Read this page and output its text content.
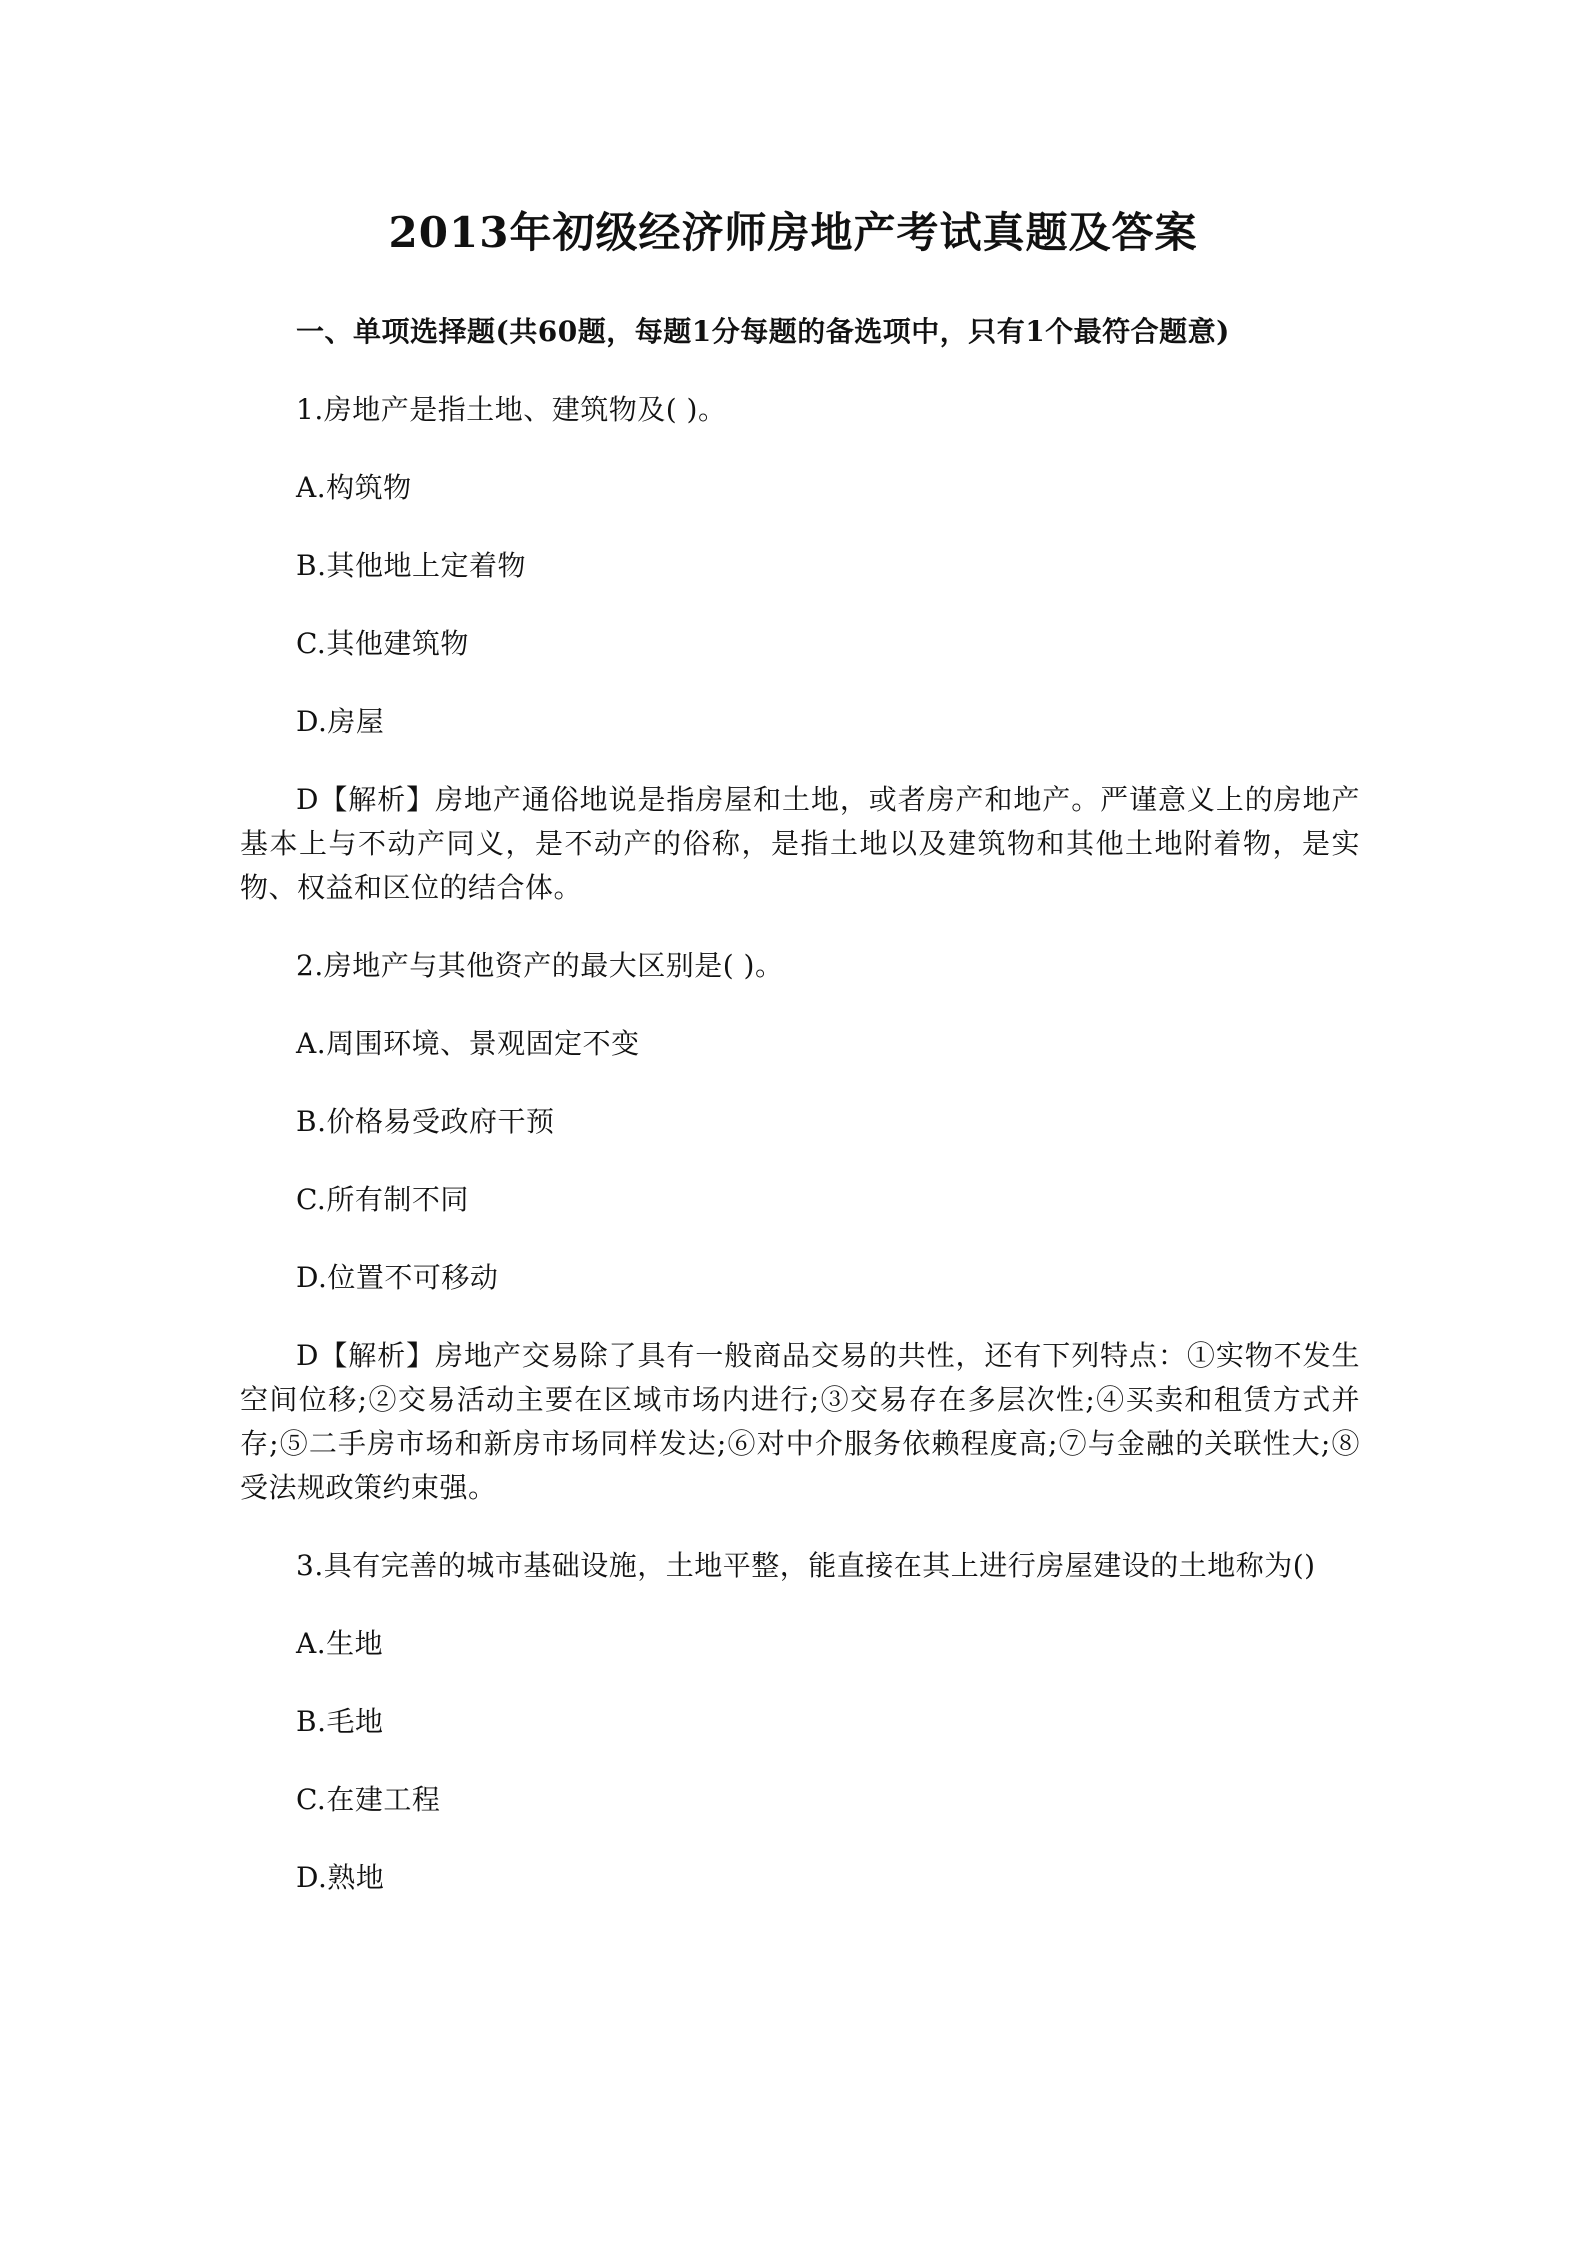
2013年初级经济师房地产考试真题及答案

一、单项选择题(共60题，每题1分每题的备选项中，只有1个最符合题意)

1.房地产是指土地、建筑物及( )。

A.构筑物

B.其他地上定着物

C.其他建筑物

D.房屋

D【解析】房地产通俗地说是指房屋和土地，或者房产和地产。严谨意义上的房地产基本上与不动产同义，是不动产的俗称，是指土地以及建筑物和其他土地附着物，是实物、权益和区位的结合体。

2.房地产与其他资产的最大区别是( )。

A.周围环境、景观固定不变

B.价格易受政府干预

C.所有制不同

D.位置不可移动

D【解析】房地产交易除了具有一般商品交易的共性，还有下列特点：①实物不发生空间位移;②交易活动主要在区域市场内进行;③交易存在多层次性;④买卖和租赁方式并存;⑤二手房市场和新房市场同样发达;⑥对中介服务依赖程度高;⑦与金融的关联性大;⑧受法规政策约束强。

3.具有完善的城市基础设施，土地平整，能直接在其上进行房屋建设的土地称为()

A.生地

B.毛地

C.在建工程

D.熟地
